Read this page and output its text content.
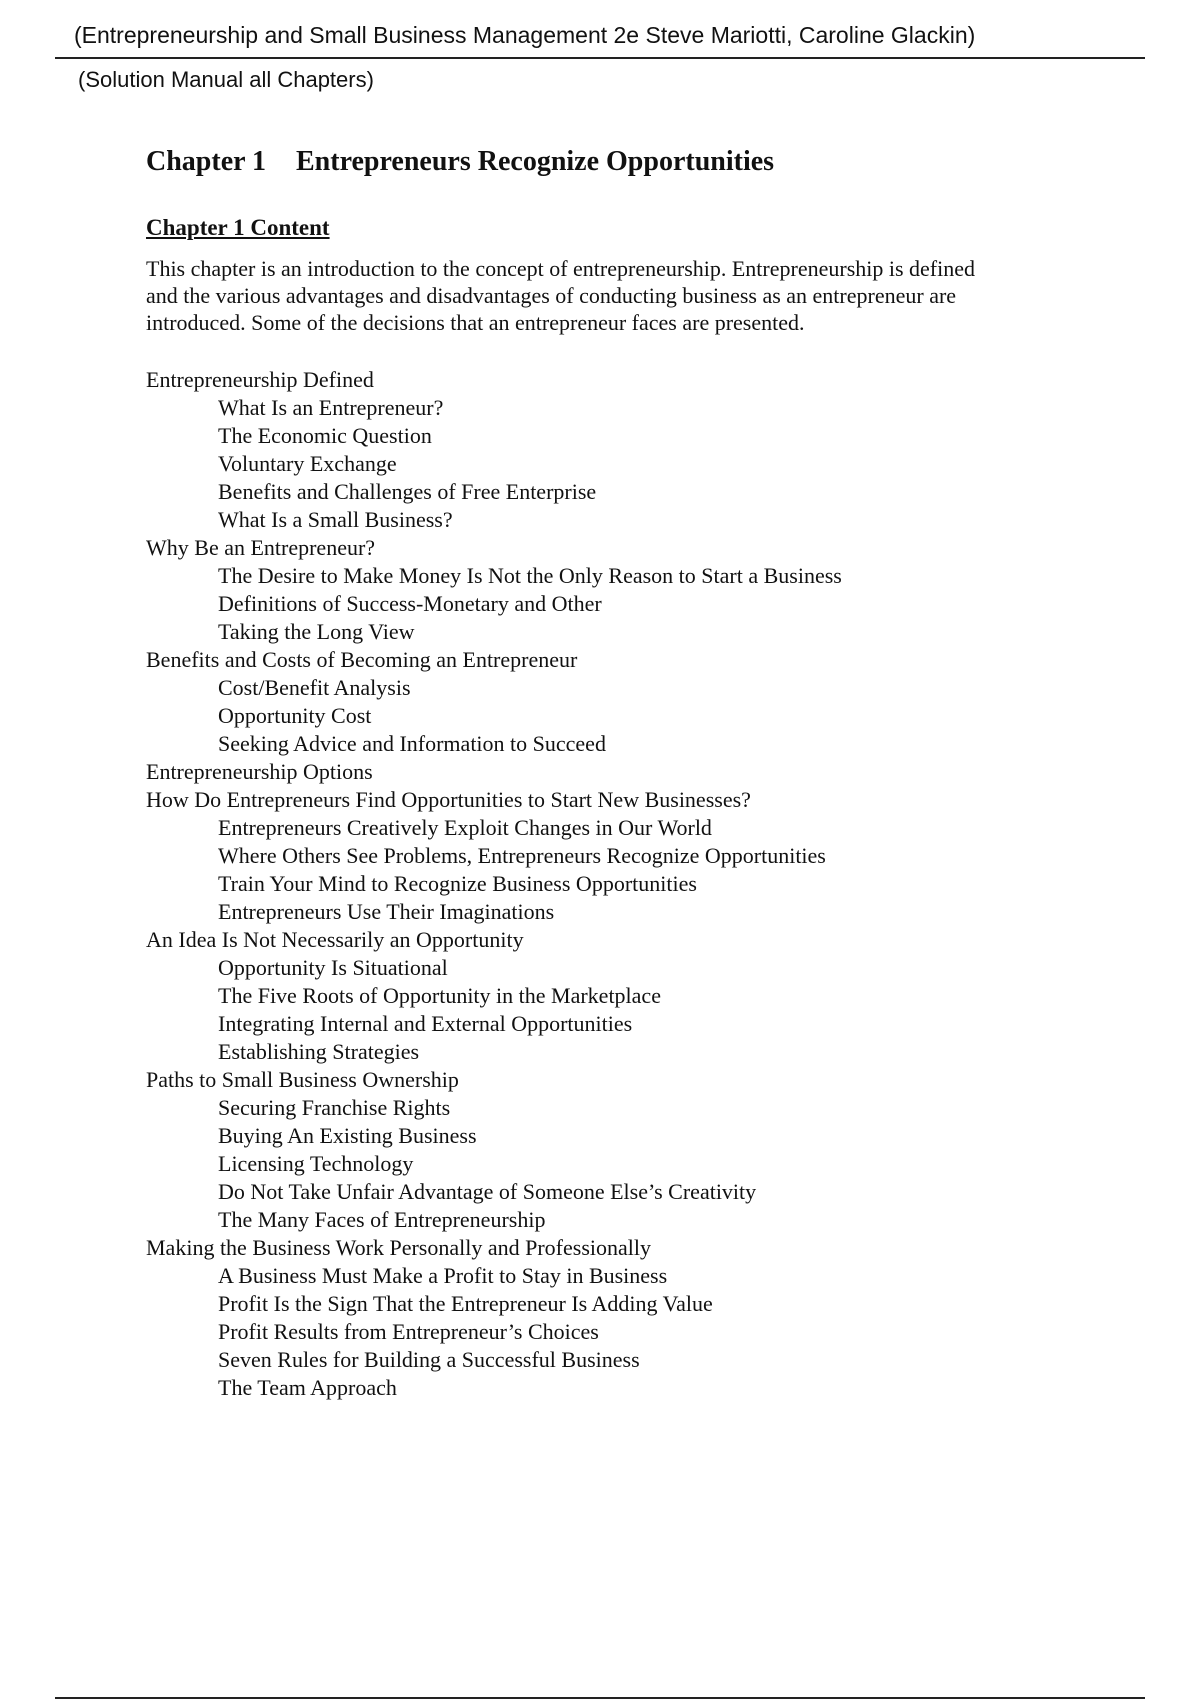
(Entrepreneurship and Small Business Management 2e Steve Mariotti, Caroline Glackin)
(Solution Manual all Chapters)
Chapter 1 Entrepreneurs Recognize Opportunities
Chapter 1 Content
This chapter is an introduction to the concept of entrepreneurship. Entrepreneurship is defined
and the various advantages and disadvantages of conducting business as an entrepreneur are
introduced. Some of the decisions that an entrepreneur faces are presented.
Entrepreneurship Defined
What Is an Entrepreneur?
The Economic Question
Voluntary Exchange
Benefits and Challenges of Free Enterprise
What Is a Small Business?
Why Be an Entrepreneur?
The Desire to Make Money Is Not the Only Reason to Start a Business
Definitions of Success-Monetary and Other
Taking the Long View
Benefits and Costs of Becoming an Entrepreneur
Cost/Benefit Analysis
Opportunity Cost
Seeking Advice and Information to Succeed
Entrepreneurship Options
How Do Entrepreneurs Find Opportunities to Start New Businesses?
Entrepreneurs Creatively Exploit Changes in Our World
Where Others See Problems, Entrepreneurs Recognize Opportunities
Train Your Mind to Recognize Business Opportunities
Entrepreneurs Use Their Imaginations
An Idea Is Not Necessarily an Opportunity
Opportunity Is Situational
The Five Roots of Opportunity in the Marketplace
Integrating Internal and External Opportunities
Establishing Strategies
Paths to Small Business Ownership
Securing Franchise Rights
Buying An Existing Business
Licensing Technology
Do Not Take Unfair Advantage of Someone Else’s Creativity
The Many Faces of Entrepreneurship
Making the Business Work Personally and Professionally
A Business Must Make a Profit to Stay in Business
Profit Is the Sign That the Entrepreneur Is Adding Value
Profit Results from Entrepreneur’s Choices
Seven Rules for Building a Successful Business
The Team Approach
